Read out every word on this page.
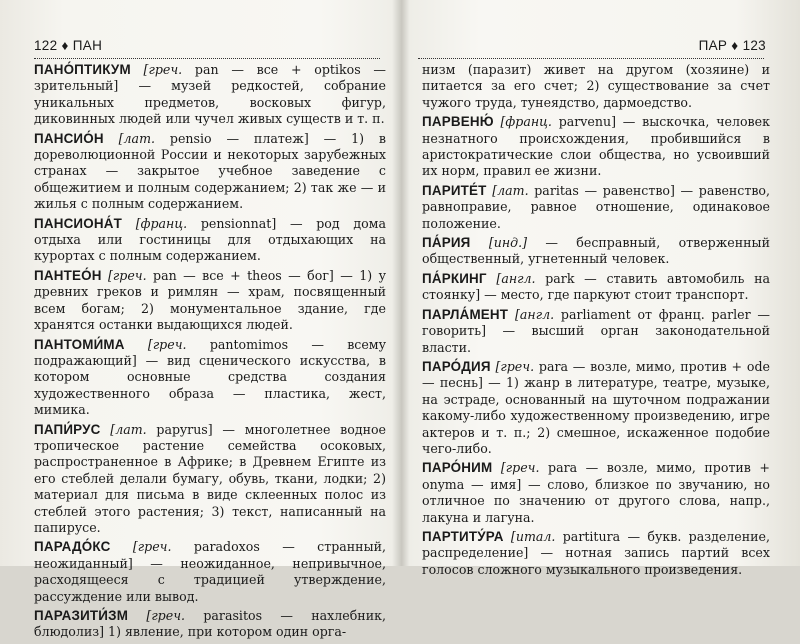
122 ♦ ПАН

ПАНО́ПТИКУМ [греч. pan — все + optikos — зрительный] — музей редкостей, собрание уникальных предметов, восковых фигур, диковинных людей или чучел живых существ и т. п.

ПАНСИО́Н [лат. pensio — платеж] — 1) в дореволюционной России и некоторых зарубежных странах — закрытое учебное заведение с общежитием и полным содержанием; 2) так же — и жилья с полным содержанием.

ПАНСИОНА́Т [франц. pensionnat] — род дома отдыха или гостиницы для отдыхающих на курортах с полным содержанием.

ПАНТЕО́Н [греч. pan — все + theos — бог] — 1) у древних греков и римлян — храм, посвященный всем богам; 2) монументальное здание, где хранятся останки выдающихся людей.

ПАНТОМИ́МА [греч. pantomimos — всему подражающий] — вид сценического искусства, в котором основные средства создания художественного образа — пластика, жест, мимика.

ПАПИ́РУС [лат. papyrus] — многолетнее водное тропическое растение семейства осоковых, распространенное в Африке; в Древнем Египте из его стеблей делали бумагу, обувь, ткани, лодки; 2) материал для письма в виде склеенных полос из стеблей этого растения; 3) текст, написанный на папирусе.

ПАРАДО́КС [греч. paradoxos — странный, неожиданный] — неожиданное, непривычное, расходящееся с традицией утверждение, рассуждение или вывод.

ПАРАЗИТИ́ЗМ [греч. parasitos — нахлебник, блюдолиз] 1) явление, при котором один орга-

ПАР ♦ 123

низм (паразит) живет на другом (хозяине) и питается за его счет; 2) существование за счет чужого труда, тунеядство, дармоедство.

ПАРВЕНЮ́ [франц. parvenu] — выскочка, человек незнатного происхождения, пробившийся в аристократические слои общества, но усвоивший их норм, правил ее жизни.

ПАРИТЕ́Т [лат. paritas — равенство] — равенство, равноправие, равное отношение, одинаковое положение.

ПА́РИЯ [инд.] — бесправный, отверженный общественный, угнетенный человек.

ПА́РКИНГ [англ. park — ставить автомобиль на стоянку] — место, где паркуют стоит транспорт.

ПАРЛА́МЕНТ [англ. parliament от франц. parler — говорить] — высший орган законодательной власти.

ПАРО́ДИЯ [греч. para — возле, мимо, против + ode — песнь] — 1) жанр в литературе, театре, музыке, на эстраде, основанный на шуточном подражании какому-либо художественному произведению, игре актеров и т. п.; 2) смешное, искаженное подобие чего-либо.

ПАРО́НИМ [греч. para — возле, мимо, против + onyma — имя] — слово, близкое по звучанию, но отличное по значению от другого слова, напр., лакуна и лагуна.

ПАРТИТУ́РА [итал. partitura — букв. разделение, распределение] — нотная запись партий всех голосов сложного музыкального произведения.
